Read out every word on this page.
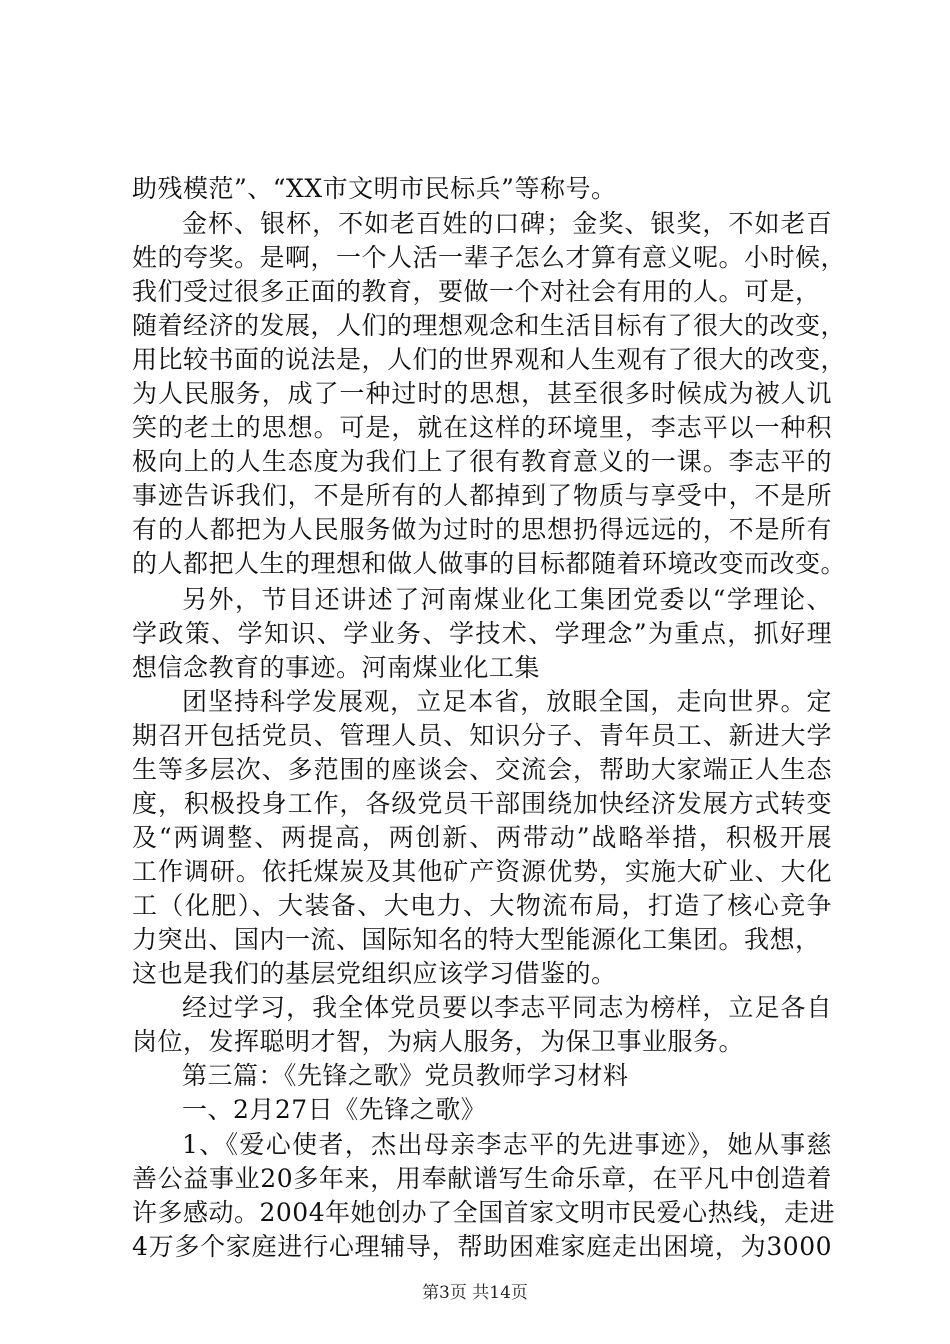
助残模范”、“XX市文明市民标兵”等称号。
金杯、银杯，不如老百姓的口碑；金奖、银奖，不如老百
姓的夸奖。是啊，一个人活一辈子怎么才算有意义呢。小时候，
我们受过很多正面的教育，要做一个对社会有用的人。可是，
随着经济的发展，人们的理想观念和生活目标有了很大的改变，
用比较书面的说法是，人们的世界观和人生观有了很大的改变，
为人民服务，成了一种过时的思想，甚至很多时候成为被人讥
笑的老土的思想。可是，就在这样的环境里，李志平以一种积
极向上的人生态度为我们上了很有教育意义的一课。李志平的
事迹告诉我们，不是所有的人都掉到了物质与享受中，不是所
有的人都把为人民服务做为过时的思想扔得远远的，不是所有
的人都把人生的理想和做人做事的目标都随着环境改变而改变。
另外，节目还讲述了河南煤业化工集团党委以“学理论、
学政策、学知识、学业务、学技术、学理念”为重点，抓好理
想信念教育的事迹。河南煤业化工集
团坚持科学发展观，立足本省，放眼全国，走向世界。定
期召开包括党员、管理人员、知识分子、青年员工、新进大学
生等多层次、多范围的座谈会、交流会，帮助大家端正人生态
度，积极投身工作，各级党员干部围绕加快经济发展方式转变
及“两调整、两提高，两创新、两带动”战略举措，积极开展
工作调研。依托煤炭及其他矿产资源优势，实施大矿业、大化
工（化肥）、大装备、大电力、大物流布局，打造了核心竞争
力突出、国内一流、国际知名的特大型能源化工集团。我想，
这也是我们的基层党组织应该学习借鉴的。
经过学习，我全体党员要以李志平同志为榜样，立足各自
岗位，发挥聪明才智，为病人服务，为保卫事业服务。
第三篇：《先锋之歌》党员教师学习材料
一、2月27日《先锋之歌》
1、《爱心使者，杰出母亲李志平的先进事迹》，她从事慈
善公益事业20多年来，用奉献谱写生命乐章，在平凡中创造着
许多感动。2004年她创办了全国首家文明市民爱心热线，走进
4万多个家庭进行心理辅导，帮助困难家庭走出困境，为3000
第3页 共14页
